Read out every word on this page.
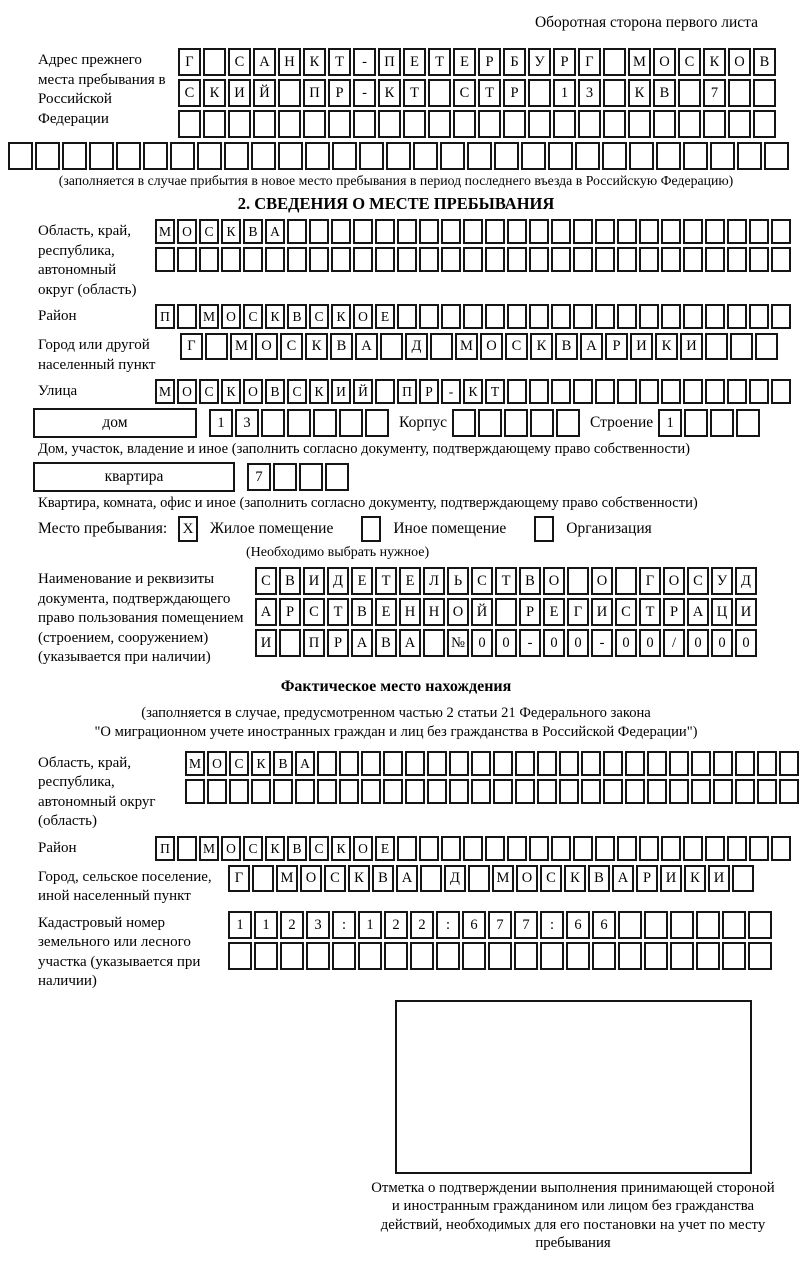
Оборотная сторона первого листа
Адрес прежнего места пребывания в Российской Федерации
Г	С	А	Н	К	Т	-	П	Е	Т	Е	Р	Б	У	Р	Г	М О	С	К	О	В
С	К	И	Й	П	Р	-	К	Т	С	Т	Р	1	3	К	В	7
(заполняется в случае прибытия в новое место пребывания в период последнего въезда в Российскую Федерацию)
2. СВЕДЕНИЯ О МЕСТЕ ПРЕБЫВАНИЯ
Область, край, республика, автономный округ (область)
М О С К В А
Район	П	М О С К В С К О Е
Город или другой населенный пункт
Г	М О	С	К	В	А	Д	М О	С	К	В	А	Р	И	К	И
Улица	М О С К О В С К И Й	П Р	-	К Т
дом	1	3	Корпус	Строение 1
Дом, участок, владение и иное (заполнить согласно документу, подтверждающему право собственности)
квартира	7
Квартира, комната, офис и иное (заполнить согласно документу, подтверждающему право собственности)
Место пребывания:	X Жилое помещение	Иное помещение	Организация
(Необходимо выбрать нужное)
Наименование и реквизиты документа, подтверждающего право пользования помещением (строением, сооружением) (указывается при наличии)
С В И Д	Е	Т	Е	Л	Ь	С	Т	В О	О	Г	О С У Д
А	Р	С	Т	В	Е Н Н О Й	Р	Е	Г	И С	Т	Р	А Ц И
И	П	Р	А В А	№ 0	0	-	0	0	-	0	0	/	0	0	0
Фактическое место нахождения
(заполняется в случае, предусмотренном частью 2 статьи 21 Федерального закона
"О миграционном учете иностранных граждан и лиц без гражданства в Российской Федерации")
Область, край, республика, автономный округ (область)
М О С К В А
Район	П	М О С К В С К О Е
Город, сельское поселение, иной населенный пункт
Г	М О С К В А	Д	М О С К В А	Р	И К И
Кадастровый номер земельного или лесного участка (указывается при наличии)
1	1	2	3	:	1	2	2	:	6	7	7	:	6	6
Отметка о подтверждении выполнения принимающей стороной и иностранным гражданином или лицом без гражданства действий, необходимых для его постановки на учет по месту пребывания
